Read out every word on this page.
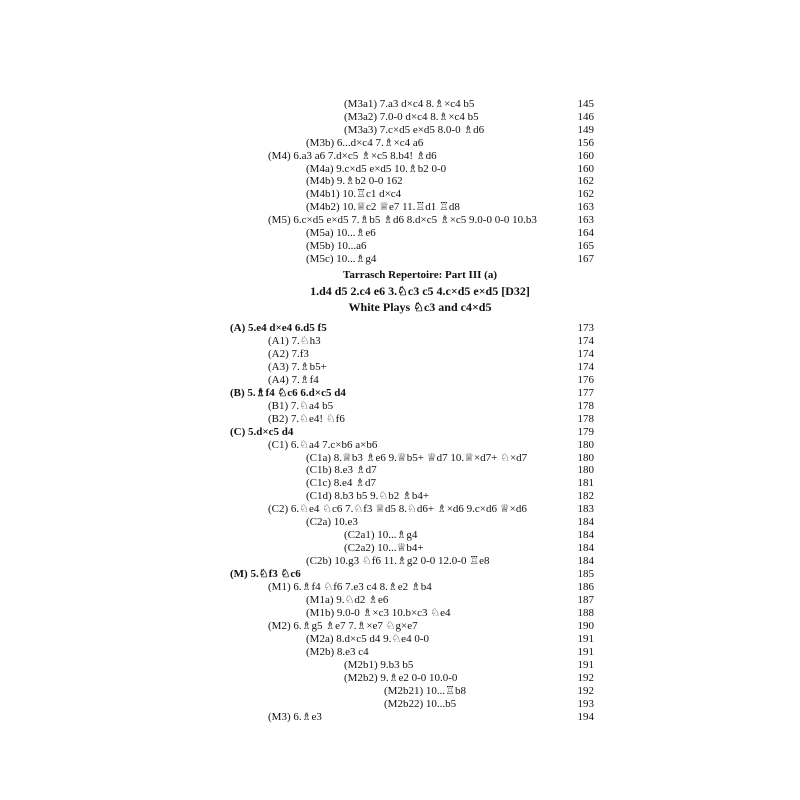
(M3a1) 7.a3 d×c4 8.♗×c4 b5	145
(M3a2) 7.0-0 d×c4 8.♗×c4 b5	146
(M3a3) 7.c×d5 e×d5 8.0-0 ♗d6	149
(M3b) 6...d×c4 7.♗×c4 a6	156
(M4) 6.a3 a6 7.d×c5 ♗×c5 8.b4! ♗d6	160
(M4a) 9.c×d5 e×d5 10.♗b2 0-0	160
(M4b) 9.♗b2 0-0 162	162
(M4b1) 10.♖c1 d×c4	162
(M4b2) 10.♕c2 ♕e7 11.♖d1 ♖d8	163
(M5) 6.c×d5 e×d5 7.♗b5 ♗d6 8.d×c5 ♗×c5 9.0-0 0-0 10.b3	163
(M5a) 10...♗e6	164
(M5b) 10...a6	165
(M5c) 10...♗g4	167
Tarrasch Repertoire: Part III (a)
1.d4 d5 2.c4 e6 3.♘c3 c5 4.c×d5 e×d5 [D32]
White Plays ♘c3 and c4×d5
(A) 5.e4 d×e4 6.d5 f5	173
(A1) 7.♘h3	174
(A2) 7.f3	174
(A3) 7.♗b5+	174
(A4) 7.♗f4	176
(B) 5.♗f4 ♘c6 6.d×c5 d4	177
(B1) 7.♘a4 b5	178
(B2) 7.♘e4! ♘f6	178
(C) 5.d×c5 d4	179
(C1) 6.♘a4 7.c×b6 a×b6	180
(C1a) 8.♕b3 ♗e6 9.♕b5+ ♕d7 10.♕×d7+ ♘×d7	180
(C1b) 8.e3 ♗d7	180
(C1c) 8.e4 ♗d7	181
(C1d) 8.b3 b5 9.♘b2 ♗b4+	182
(C2) 6.♘e4 ♘c6 7.♘f3 ♕d5 8.♘d6+ ♗×d6 9.c×d6 ♕×d6	183
(C2a) 10.e3	184
(C2a1) 10...♗g4	184
(C2a2) 10...♕b4+	184
(C2b) 10.g3 ♘f6 11.♗g2 0-0 12.0-0 ♖e8	184
(M) 5.♘f3 ♘c6	185
(M1) 6.♗f4 ♘f6 7.e3 c4 8.♗e2 ♗b4	186
(M1a) 9.♘d2 ♗e6	187
(M1b) 9.0-0 ♗×c3 10.b×c3 ♘e4	188
(M2) 6.♗g5 ♗e7 7.♗×e7 ♘g×e7	190
(M2a) 8.d×c5 d4 9.♘e4 0-0	191
(M2b) 8.e3 c4	191
(M2b1) 9.b3 b5	191
(M2b2) 9.♗e2 0-0 10.0-0	192
(M2b21) 10...♖b8	192
(M2b22) 10...b5	193
(M3) 6.♗e3	194
